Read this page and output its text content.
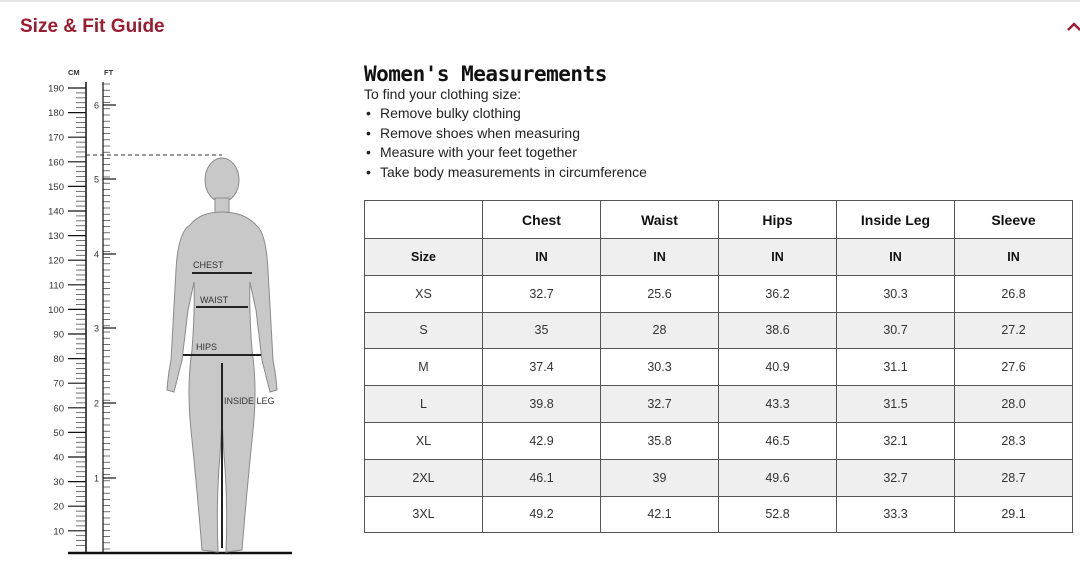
Size & Fit Guide
CM	FT
190
180
170
160
150
140
130
120
110
100
90
80
70
60
50
40
30
20
10
6
5
4
3
2
1
CHEST
WAIST
HIPS
INSIDE LEG
Women's Measurements
To find your clothing size:
• Remove bulky clothing
• Remove shoes when measuring
• Measure with your feet together
• Take body measurements in circumference
	Chest	Waist	Hips	Inside Leg	Sleeve
Size	IN	IN	IN	IN	IN
XS	32.7	25.6	36.2	30.3	26.8
S	35	28	38.6	30.7	27.2
M	37.4	30.3	40.9	31.1	27.6
L	39.8	32.7	43.3	31.5	28.0
XL	42.9	35.8	46.5	32.1	28.3
2XL	46.1	39	49.6	32.7	28.7
3XL	49.2	42.1	52.8	33.3	29.1
